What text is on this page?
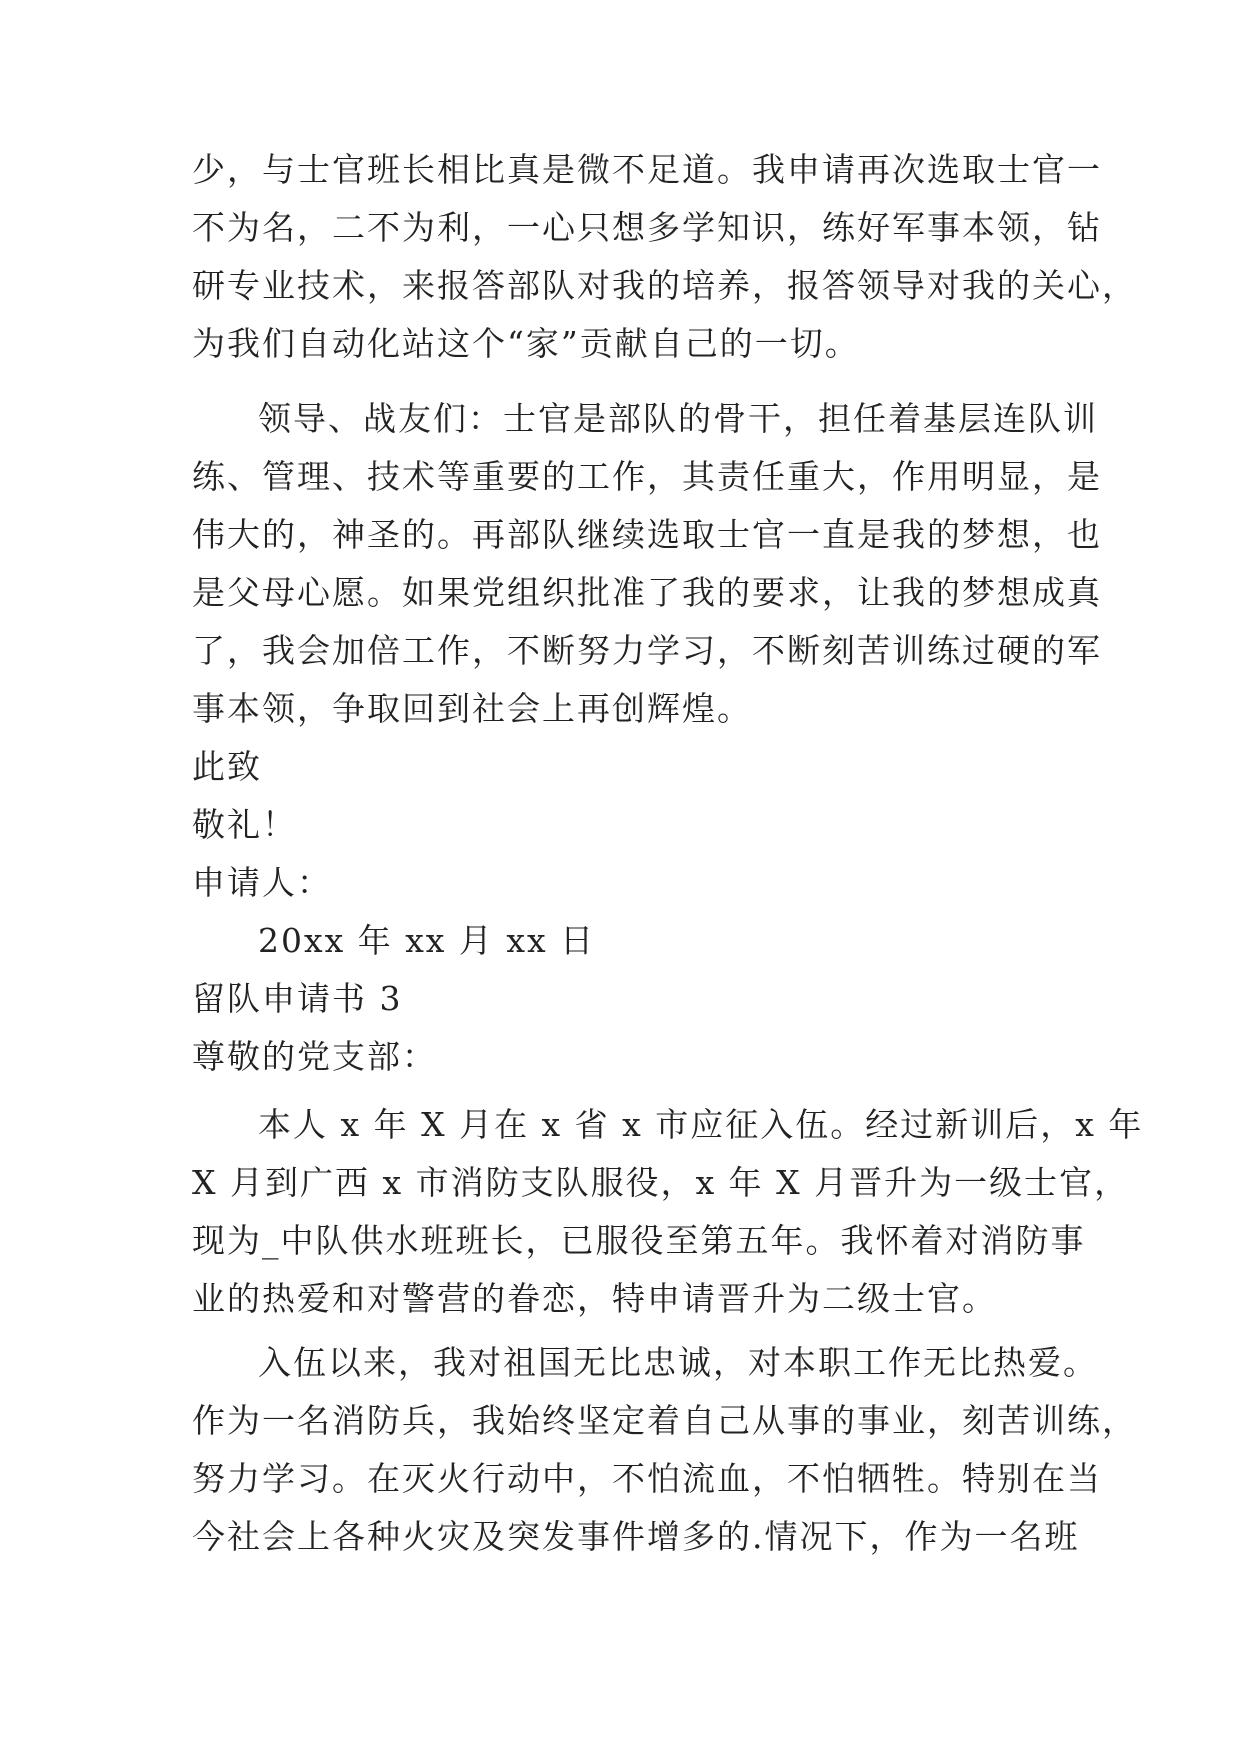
少，与士官班长相比真是微不足道。我申请再次选取士官一
不为名，二不为利，一心只想多学知识，练好军事本领，钻
研专业技术，来报答部队对我的培养，报答领导对我的关心，
为我们自动化站这个“家”贡献自己的一切。
领导、战友们：士官是部队的骨干，担任着基层连队训
练、管理、技术等重要的工作，其责任重大，作用明显，是
伟大的，神圣的。再部队继续选取士官一直是我的梦想，也
是父母心愿。如果党组织批准了我的要求，让我的梦想成真
了，我会加倍工作，不断努力学习，不断刻苦训练过硬的军
事本领，争取回到社会上再创辉煌。
此致
敬礼！
申请人：
20xx 年 xx 月 xx 日
留队申请书 3
尊敬的党支部：
本人 x 年 X 月在 x 省 x 市应征入伍。经过新训后，x 年
X 月到广西 x 市消防支队服役，x 年 X 月晋升为一级士官，
现为_中队供水班班长，已服役至第五年。我怀着对消防事
业的热爱和对警营的眷恋，特申请晋升为二级士官。
入伍以来，我对祖国无比忠诚，对本职工作无比热爱。
作为一名消防兵，我始终坚定着自己从事的事业，刻苦训练，
努力学习。在灭火行动中，不怕流血，不怕牺牲。特别在当
今社会上各种火灾及突发事件增多的.情况下，作为一名班
